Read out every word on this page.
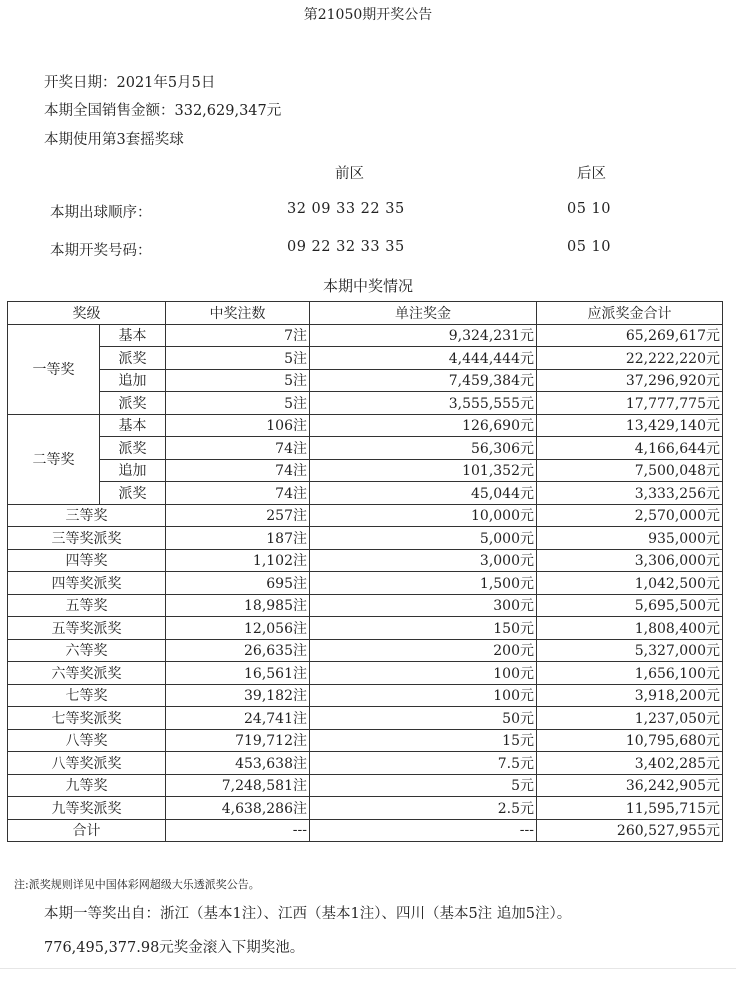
第21050期开奖公告
开奖日期：2021年5月5日
本期全国销售金额：332,629,347元
本期使用第3套摇奖球
前区	后区
本期出球顺序：	32 09 33 22 35	05 10
本期开奖号码：	09 22 32 33 35	05 10
本期中奖情况
奖级		中奖注数	单注奖金	应派奖金合计
一等奖	基本	7注	9,324,231元	65,269,617元
	派奖	5注	4,444,444元	22,222,220元
	追加	5注	7,459,384元	37,296,920元
	派奖	5注	3,555,555元	17,777,775元
二等奖	基本	106注	126,690元	13,429,140元
	派奖	74注	56,306元	4,166,644元
	追加	74注	101,352元	7,500,048元
	派奖	74注	45,044元	3,333,256元
三等奖		257注	10,000元	2,570,000元
三等奖派奖		187注	5,000元	935,000元
四等奖		1,102注	3,000元	3,306,000元
四等奖派奖		695注	1,500元	1,042,500元
五等奖		18,985注	300元	5,695,500元
五等奖派奖		12,056注	150元	1,808,400元
六等奖		26,635注	200元	5,327,000元
六等奖派奖		16,561注	100元	1,656,100元
七等奖		39,182注	100元	3,918,200元
七等奖派奖		24,741注	50元	1,237,050元
八等奖		719,712注	15元	10,795,680元
八等奖派奖		453,638注	7.5元	3,402,285元
九等奖		7,248,581注	5元	36,242,905元
九等奖派奖		4,638,286注	2.5元	11,595,715元
合计		---	---	260,527,955元
注:派奖规则详见中国体彩网超级大乐透派奖公告。
本期一等奖出自：浙江（基本1注）、江西（基本1注）、四川（基本5注 追加5注）。
776,495,377.98元奖金滚入下期奖池。
